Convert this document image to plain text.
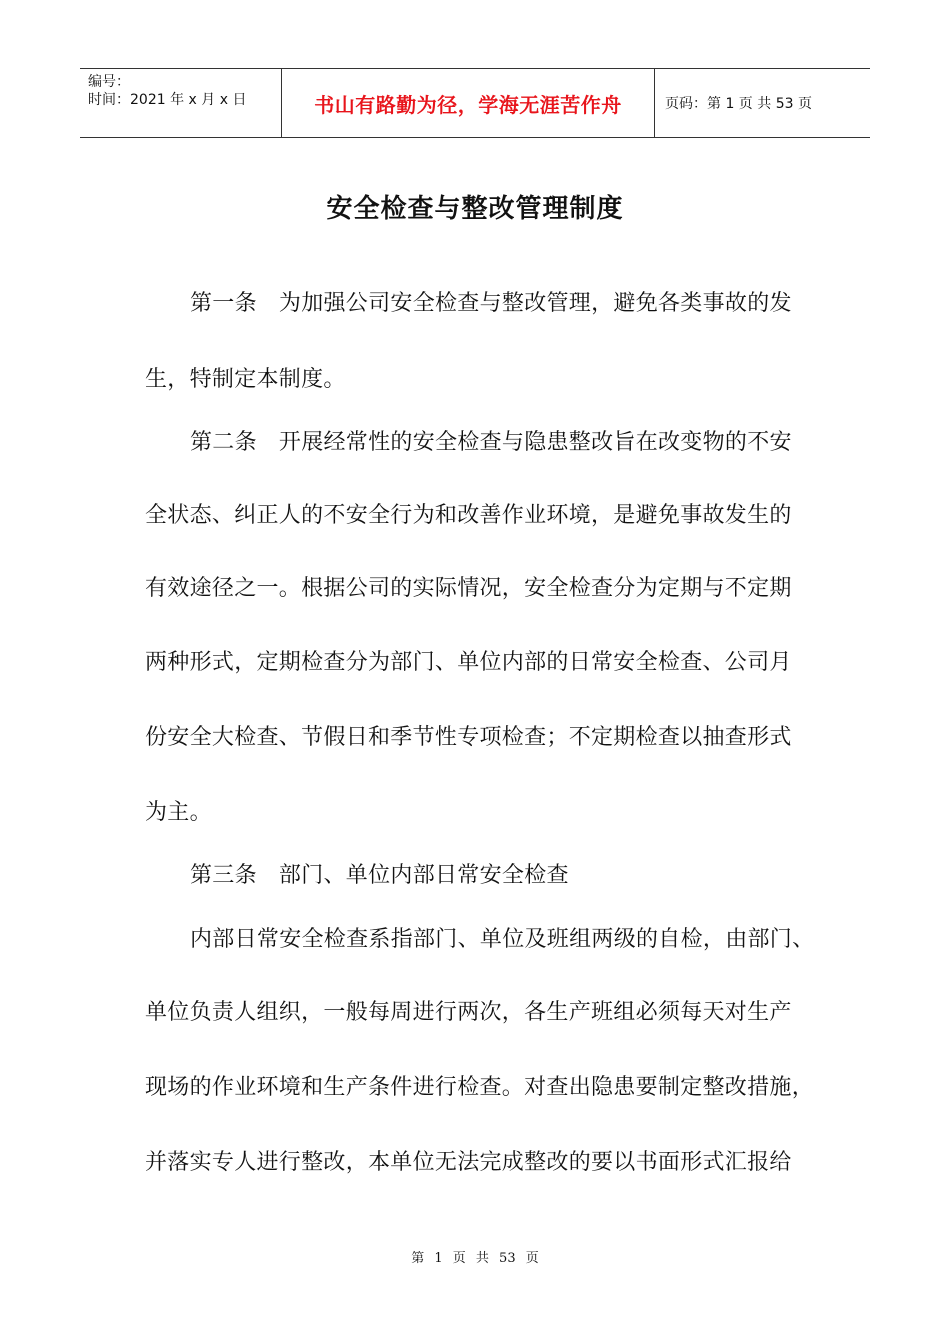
编号：
时间：2021 年 x 月 x 日	书山有路勤为径，学海无涯苦作舟	页码：第 1 页 共 53 页
安全检查与整改管理制度
第一条 为加强公司安全检查与整改管理，避免各类事故的发
生，特制定本制度。
第二条 开展经常性的安全检查与隐患整改旨在改变物的不安
全状态、纠正人的不安全行为和改善作业环境，是避免事故发生的
有效途径之一。根据公司的实际情况，安全检查分为定期与不定期
两种形式，定期检查分为部门、单位内部的日常安全检查、公司月
份安全大检查、节假日和季节性专项检查；不定期检查以抽查形式
为主。
第三条 部门、单位内部日常安全检查
内部日常安全检查系指部门、单位及班组两级的自检，由部门、
单位负责人组织，一般每周进行两次，各生产班组必须每天对生产
现场的作业环境和生产条件进行检查。对查出隐患要制定整改措施，
并落实专人进行整改，本单位无法完成整改的要以书面形式汇报给
第 1 页 共 53 页
